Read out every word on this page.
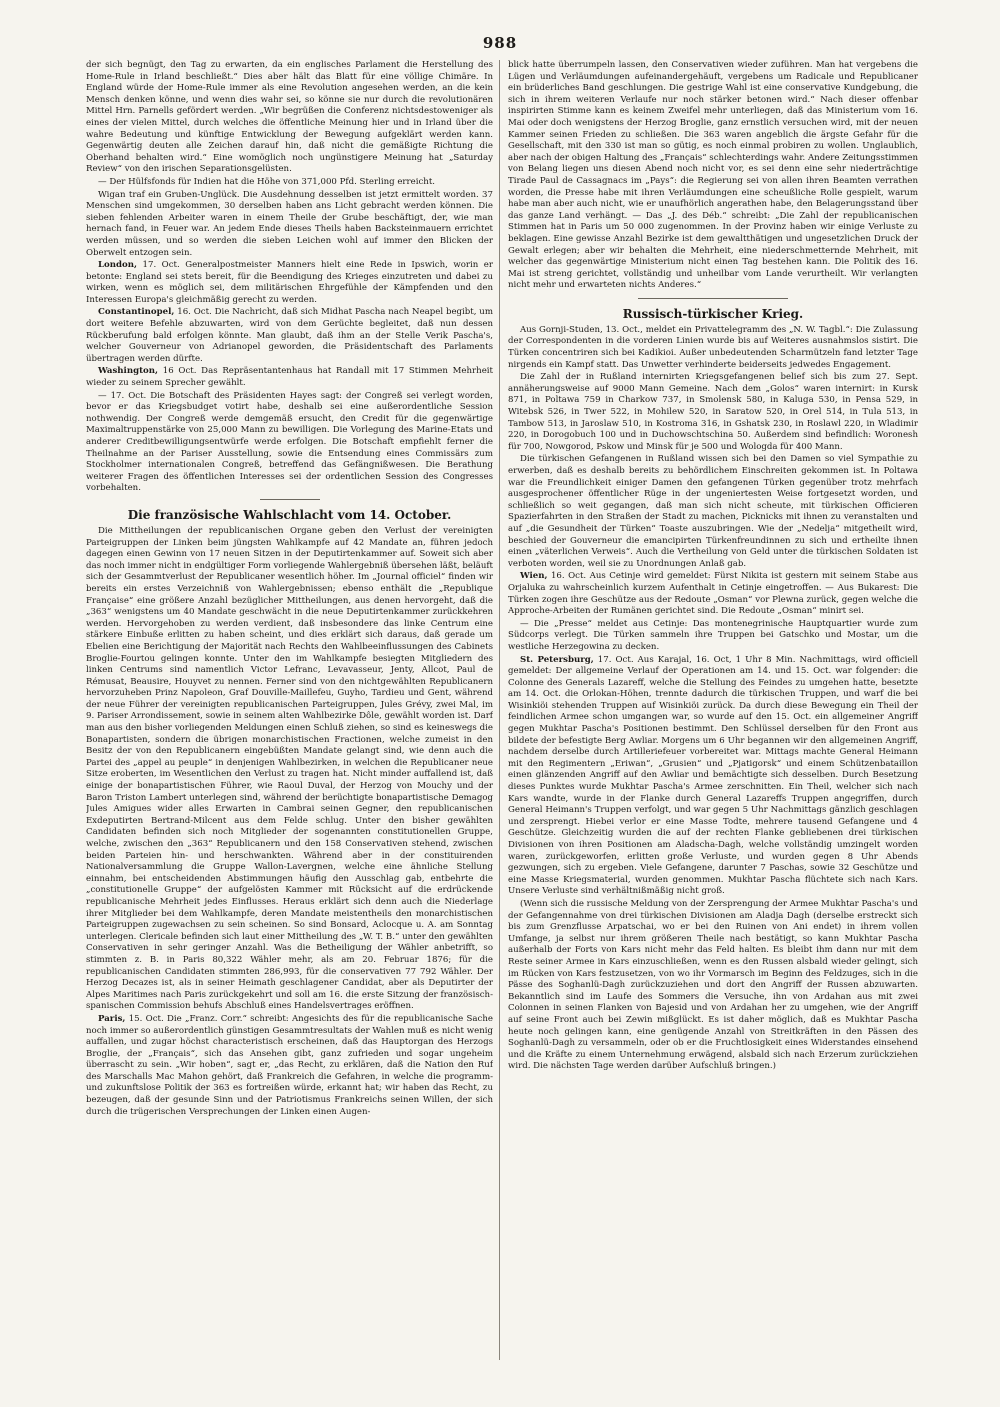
988

der sich begnügt, den Tag zu erwarten, da ein englisches Parlament die Herstellung des Home-Rule in Irland beschließt.“ Dies aber hält das Blatt für eine völlige Chimäre. In England würde der Home-Rule immer als eine Revolution angesehen werden, an die kein Mensch denken könne, und wenn dies wahr sei, so könne sie nur durch die revolutionären Mittel Hrn. Parnells gefördert werden. „Wir begrüßen die Conferenz nichtsdestoweniger als eines der vielen Mittel, durch welches die öffentliche Meinung hier und in Irland über die wahre Bedeutung und künftige Entwicklung der Bewegung aufgeklärt werden kann. Gegenwärtig deuten alle Zeichen darauf hin, daß nicht die gemäßigte Richtung die Oberhand behalten wird.“ Eine womöglich noch ungünstigere Meinung hat „Saturday Review“ von den irischen Separationsgelüsten.

— Der Hülfsfonds für Indien hat die Höhe von 371,000 Pfd. Sterling erreicht.

Wigan traf ein Gruben-Unglück. Die Ausdehnung desselben ist jetzt ermittelt worden. 37 Menschen sind umgekommen, 30 derselben haben ans Licht gebracht werden können. Die sieben fehlenden Arbeiter waren in einem Theile der Grube beschäftigt, der, wie man hernach fand, in Feuer war. An jedem Ende dieses Theils haben Backsteinmauern errichtet werden müssen, und so werden die sieben Leichen wohl auf immer den Blicken der Oberwelt entzogen sein.

London, 17. Oct. Generalpostmeister Manners hielt eine Rede in Ipswich, worin er betonte: England sei stets bereit, für die Beendigung des Krieges einzutreten und dabei zu wirken, wenn es möglich sei, dem militärischen Ehrgefühle der Kämpfenden und den Interessen Europa's gleichmäßig gerecht zu werden.

Constantinopel, 16. Oct. Die Nachricht, daß sich Midhat Pascha nach Neapel begibt, um dort weitere Befehle abzuwarten, wird von dem Gerüchte begleitet, daß nun dessen Rückberufung bald erfolgen könnte. Man glaubt, daß ihm an der Stelle Verik Pascha's, welcher Gouverneur von Adrianopel geworden, die Präsidentschaft des Parlaments übertragen werden dürfte.

Washington, 16 Oct. Das Repräsentantenhaus hat Randall mit 17 Stimmen Mehrheit wieder zu seinem Sprecher gewählt.

— 17. Oct. Die Botschaft des Präsidenten Hayes sagt: der Congreß sei verlegt worden, bevor er das Kriegsbudget votirt habe, deshalb sei eine außerordentliche Session nothwendig. Der Congreß werde demgemäß ersucht, den Credit für die gegenwärtige Maximaltruppenstärke von 25,000 Mann zu bewilligen. Die Vorlegung des Marine-Etats und anderer Creditbewilligungsentwürfe werde erfolgen. Die Botschaft empfiehlt ferner die Theilnahme an der Pariser Ausstellung, sowie die Entsendung eines Commissärs zum Stockholmer internationalen Congreß, betreffend das Gefängnißwesen. Die Berathung weiterer Fragen des öffentlichen Interesses sei der ordentlichen Session des Congresses vorbehalten.

Die französische Wahlschlacht vom 14. October.

Die Mittheilungen der republicanischen Organe geben den Verlust der vereinigten Parteigruppen der Linken beim jüngsten Wahlkampfe auf 42 Mandate an, führen jedoch dagegen einen Gewinn von 17 neuen Sitzen in der Deputirtenkammer auf. Soweit sich aber das noch immer nicht in endgültiger Form vorliegende Wahlergebniß übersehen läßt, beläuft sich der Gesammtverlust der Republicaner wesentlich höher. Im „Journal officiel“ finden wir bereits ein erstes Verzeichniß von Wahlergebnissen; ebenso enthält die „Republique Française“ eine größere Anzahl bezüglicher Mittheilungen, aus denen hervorgeht, daß die „363“ wenigstens um 40 Mandate geschwächt in die neue Deputirtenkammer zurückkehren werden. Hervorgehoben zu werden verdient, daß insbesondere das linke Centrum eine stärkere Einbuße erlitten zu haben scheint, und dies erklärt sich daraus, daß gerade um Ebelien eine Berichtigung der Majorität nach Rechts den Wahlbeeinflussungen des Cabinets Broglie-Fourtou gelingen konnte. Unter den im Wahlkampfe besiegten Mitgliedern des linken Centrums sind namentlich Victor Lefranc, Levavasseur, Jenty, Allcot, Paul de Rémusat, Beausire, Houyvet zu nennen. Ferner sind von den nichtgewählten Republicanern hervorzuheben Prinz Napoleon, Graf Douville-Maillefeu, Guyho, Tardieu und Gent, während der neue Führer der vereinigten republicanischen Parteigruppen, Jules Grévy, zwei Mal, im 9. Pariser Arrondissement, sowie in seinem alten Wahlbezirke Dôle, gewählt worden ist. Darf man aus den bisher vorliegenden Meldungen einen Schluß ziehen, so sind es keineswegs die Bonapartisten, sondern die übrigen monarchistischen Fractionen, welche zumeist in den Besitz der von den Republicanern eingebüßten Mandate gelangt sind, wie denn auch die Partei des „appel au peuple“ in denjenigen Wahlbezirken, in welchen die Republicaner neue Sitze eroberten, im Wesentlichen den Verlust zu tragen hat. Nicht minder auffallend ist, daß einige der bonapartistischen Führer, wie Raoul Duval, der Herzog von Mouchy und der Baron Triston Lambert unterlegen sind, während der berüchtigte bonapartistische Demagog Jules Amigues wider alles Erwarten in Cambrai seinen Gegner, den republicanischen Exdeputirten Bertrand-Milcent aus dem Felde schlug. Unter den bisher gewählten Candidaten befinden sich noch Mitglieder der sogenannten constitutionellen Gruppe, welche, zwischen den „363“ Republicanern und den 158 Conservativen stehend, zwischen beiden Parteien hin- und herschwankten. Während aber in der constituirenden Nationalversammlung die Gruppe Wallon-Lavergnen, welche eine ähnliche Stellung einnahm, bei entscheidenden Abstimmungen häufig den Ausschlag gab, entbehrte die „constitutionelle Gruppe“ der aufgelösten Kammer mit Rücksicht auf die erdrückende republicanische Mehrheit jedes Einflusses. Heraus erklärt sich denn auch die Niederlage ihrer Mitglieder bei dem Wahlkampfe, deren Mandate meistentheils den monarchistischen Parteigruppen zugewachsen zu sein scheinen. So sind Bonsard, Aclocque u. A. am Sonntag unterlegen. Clericale befinden sich laut einer Mittheilung des „W. T. B.“ unter den gewählten Conservativen in sehr geringer Anzahl. Was die Betheiligung der Wähler anbetrifft, so stimmten z. B. in Paris 80,322 Wähler mehr, als am 20. Februar 1876; für die republicanischen Candidaten stimmten 286,993, für die conservativen 77 792 Wähler. Der Herzog Decazes ist, als in seiner Heimath geschlagener Candidat, aber als Deputirter der Alpes Maritimes nach Paris zurückgekehrt und soll am 16. die erste Sitzung der französisch-spanischen Commission behufs Abschluß eines Handelsvertrages eröffnen.

Paris, 15. Oct. Die „Franz. Corr.“ schreibt: Angesichts des für die republicanische Sache noch immer so außerordentlich günstigen Gesammtresultats der Wahlen muß es nicht wenig auffallen, und zugar höchst characteristisch erscheinen, daß das Hauptorgan des Herzogs Broglie, der „Français“, sich das Ansehen gibt, ganz zufrieden und sogar ungeheim überrascht zu sein. „Wir hoben“, sagt er, „das Recht, zu erklären, daß die Nation den Ruf des Marschalls Mac Mahon gehört, daß Frankreich die Gefahren, in welche die programm- und zukunftslose Politik der 363 es fortreißen würde, erkannt hat; wir haben das Recht, zu bezeugen, daß der gesunde Sinn und der Patriotismus Frankreichs seinen Willen, der sich durch die trügerischen Versprechungen der Linken einen Augen-

blick hatte überrumpeln lassen, den Conservativen wieder zuführen. Man hat vergebens die Lügen und Verläumdungen aufeinandergehäuft, vergebens um Radicale und Republicaner ein brüderliches Band geschlungen. Die gestrige Wahl ist eine conservative Kundgebung, die sich in ihrem weiteren Verlaufe nur noch stärker betonen wird.“ Nach dieser offenbar inspirirten Stimme kann es keinem Zweifel mehr unterliegen, daß das Ministerium vom 16. Mai oder doch wenigstens der Herzog Broglie, ganz ernstlich versuchen wird, mit der neuen Kammer seinen Frieden zu schließen. Die 363 waren angeblich die ärgste Gefahr für die Gesellschaft, mit den 330 ist man so gütig, es noch einmal probiren zu wollen. Unglaublich, aber nach der obigen Haltung des „Français“ schlechterdings wahr. Andere Zeitungsstimmen von Belang liegen uns diesen Abend noch nicht vor, es sei denn eine sehr niederträchtige Tirade Paul de Cassagnacs im „Pays“: die Regierung sei von allen ihren Beamten verrathen worden, die Presse habe mit ihren Verläumdungen eine scheußliche Rolle gespielt, warum habe man aber auch nicht, wie er unaufhörlich angerathen habe, den Belagerungsstand über das ganze Land verhängt. — Das „J. des Déb.“ schreibt: „Die Zahl der republicanischen Stimmen hat in Paris um 50 000 zugenommen. In der Provinz haben wir einige Verluste zu beklagen. Eine gewisse Anzahl Bezirke ist dem gewaltthätigen und ungesetzlichen Druck der Gewalt erlegen; aber wir behalten die Mehrheit, eine niederschmetternde Mehrheit, mit welcher das gegenwärtige Ministerium nicht einen Tag bestehen kann. Die Politik des 16. Mai ist streng gerichtet, vollständig und unheilbar vom Lande verurtheilt. Wir verlangten nicht mehr und erwarteten nichts Anderes.“

Russisch-türkischer Krieg.

Aus Gornji-Studen, 13. Oct., meldet ein Privattelegramm des „N. W. Tagbl.“: Die Zulassung der Correspondenten in die vorderen Linien wurde bis auf Weiteres ausnahmslos sistirt. Die Türken concentriren sich bei Kadikioi. Außer unbedeutenden Scharmützeln fand letzter Tage nirgends ein Kampf statt. Das Unwetter verhinderte beiderseits jedwedes Engagement.

Die Zahl der in Rußland internirten Kriegsgefangenen belief sich bis zum 27. Sept. annäherungsweise auf 9000 Mann Gemeine. Nach dem „Golos“ waren internirt: in Kursk 871, in Poltawa 759 in Charkow 737, in Smolensk 580, in Kaluga 530, in Pensa 529, in Witebsk 526, in Twer 522, in Mohilew 520, in Saratow 520, in Orel 514, in Tula 513, in Tambow 513, in Jaroslaw 510, in Kostroma 316, in Gshatsk 230, in Roslawl 220, in Wladimir 220, in Dorogobuch 100 und in Duchowschtschina 50. Außerdem sind befindlich: Woronesh für 700, Nowgorod, Pskow und Minsk für je 500 und Wologda für 400 Mann.

Die türkischen Gefangenen in Rußland wissen sich bei den Damen so viel Sympathie zu erwerben, daß es deshalb bereits zu behördlichem Einschreiten gekommen ist. In Poltawa war die Freundlichkeit einiger Damen den gefangenen Türken gegenüber trotz mehrfach ausgesprochener öffentlicher Rüge in der ungeniertesten Weise fortgesetzt worden, und schließlich so weit gegangen, daß man sich nicht scheute, mit türkischen Officieren Spazierfahrten in den Straßen der Stadt zu machen, Picknicks mit ihnen zu veranstalten und auf „die Gesundheit der Türken“ Toaste auszubringen. Wie der „Nedelja“ mitgetheilt wird, beschied der Gouverneur die emancipirten Türkenfreundinnen zu sich und ertheilte ihnen einen „väterlichen Verweis“. Auch die Vertheilung von Geld unter die türkischen Soldaten ist verboten worden, weil sie zu Unordnungen Anlaß gab.

Wien, 16. Oct. Aus Cetinje wird gemeldet: Fürst Nikita ist gestern mit seinem Stabe aus Orjaluka zu wahrscheinlich kurzem Aufenthalt in Cetinje eingetroffen. — Aus Bukarest: Die Türken zogen ihre Geschütze aus der Redoute „Osman“ vor Plewna zurück, gegen welche die Approche-Arbeiten der Rumänen gerichtet sind. Die Redoute „Osman“ minirt sei.

— Die „Presse“ meldet aus Cetinje: Das montenegrinische Hauptquartier wurde zum Südcorps verlegt. Die Türken sammeln ihre Truppen bei Gatschko und Mostar, um die westliche Herzegowina zu decken.

St. Petersburg, 17. Oct. Aus Karajal, 16. Oct, 1 Uhr 8 Min. Nachmittags, wird officiell gemeldet: Der allgemeine Verlauf der Operationen am 14. und 15. Oct. war folgender: die Colonne des Generals Lazareff, welche die Stellung des Feindes zu umgehen hatte, besetzte am 14. Oct. die Orlokan-Höhen, trennte dadurch die türkischen Truppen, und warf die bei Wisinkiöi stehenden Truppen auf Wisinkiöi zurück. Da durch diese Bewegung ein Theil der feindlichen Armee schon umgangen war, so wurde auf den 15. Oct. ein allgemeiner Angriff gegen Mukhtar Pascha's Positionen bestimmt. Den Schlüssel derselben für den Front aus bildete der befestigte Berg Awliar. Morgens um 6 Uhr begannen wir den allgemeinen Angriff, nachdem derselbe durch Artilleriefeuer vorbereitet war. Mittags machte General Heimann mit den Regimentern „Eriwan“, „Grusien“ und „Pjatigorsk“ und einem Schützenbataillon einen glänzenden Angriff auf den Awliar und bemächtigte sich desselben. Durch Besetzung dieses Punktes wurde Mukhtar Pascha's Armee zerschnitten. Ein Theil, welcher sich nach Kars wandte, wurde in der Flanke durch General Lazareffs Truppen angegriffen, durch General Heimann's Truppen verfolgt, und war gegen 5 Uhr Nachmittags gänzlich geschlagen und zersprengt. Hiebei verlor er eine Masse Todte, mehrere tausend Gefangene und 4 Geschütze. Gleichzeitig wurden die auf der rechten Flanke gebliebenen drei türkischen Divisionen von ihren Positionen am Aladscha-Dagh, welche vollständig umzingelt worden waren, zurückgeworfen, erlitten große Verluste, und wurden gegen 8 Uhr Abends gezwungen, sich zu ergeben. Viele Gefangene, darunter 7 Paschas, sowie 32 Geschütze und eine Masse Kriegsmaterial, wurden genommen. Mukhtar Pascha flüchtete sich nach Kars. Unsere Verluste sind verhältnißmäßig nicht groß.

(Wenn sich die russische Meldung von der Zersprengung der Armee Mukhtar Pascha's und der Gefangennahme von drei türkischen Divisionen am Aladja Dagh (derselbe erstreckt sich bis zum Grenzflusse Arpatschai, wo er bei den Ruinen von Ani endet) in ihrem vollen Umfange, ja selbst nur ihrem größeren Theile nach bestätigt, so kann Mukhtar Pascha außerhalb der Forts von Kars nicht mehr das Feld halten. Es bleibt ihm dann nur mit dem Reste seiner Armee in Kars einzuschließen, wenn es den Russen alsbald wieder gelingt, sich im Rücken von Kars festzusetzen, von wo ihr Vormarsch im Beginn des Feldzuges, sich in die Pässe des Soghanlü-Dagh zurückzuziehen und dort den Angriff der Russen abzuwarten. Bekanntlich sind im Laufe des Sommers die Versuche, ihn von Ardahan aus mit zwei Colonnen in seinen Flanken von Bajesid und von Ardahan her zu umgehen, wie der Angriff auf seine Front auch bei Zewin mißglückt. Es ist daher möglich, daß es Mukhtar Pascha heute noch gelingen kann, eine genügende Anzahl von Streitkräften in den Pässen des Soghanlü-Dagh zu versammeln, oder ob er die Fruchtlosigkeit eines Widerstandes einsehend und die Kräfte zu einem Unternehmung erwägend, alsbald sich nach Erzerum zurückziehen wird. Die nächsten Tage werden darüber Aufschluß bringen.)
